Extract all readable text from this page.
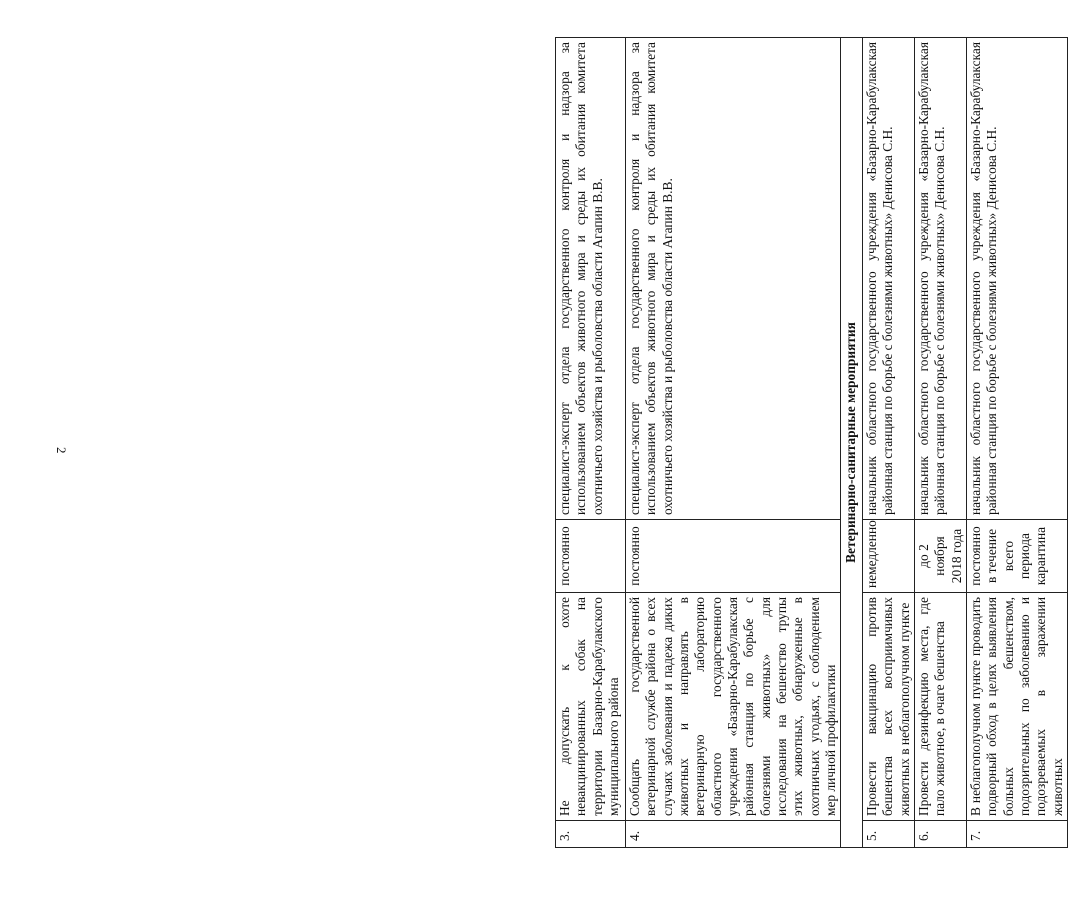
2
3.	Не допускать к охоте невакцинированных собак на территории Базарно-Карабулакского муниципального района	постоянно	специалист-эксперт отдела государственного контроля и надзора за использованием объектов животного мира и среды их обитания комитета охотничьего хозяйства и рыболовства области Агапин В.В.
4.	Сообщать государственной ветеринарной службе района о всех случаях заболевания и падежа диких животных и направлять в ветеринарную лабораторию областного государственного учреждения «Базарно-Карабулакская районная станция по борьбе с болезнями животных» для исследования на бешенство трупы этих животных, обнаруженные в охотничьих угодьях, с соблюдением мер личной профилактики	постоянно	специалист-эксперт отдела государственного контроля и надзора за использованием объектов животного мира и среды их обитания комитета охотничьего хозяйства и рыболовства области Агапин В.В.
Ветеринарно-санитарные мероприятия			
5.	Провести вакцинацию против бешенства всех восприимчивых животных в неблагополучном пункте	немедленно	начальник областного государственного учреждения «Базарно-Карабулакская районная станция по борьбе с болезнями животных» Денисова С.Н.
6.	Провести дезинфекцию места, где пало животное, в очаге бешенства	до 2 ноября 2018 года	начальник областного государственного учреждения «Базарно-Карабулакская районная станция по борьбе с болезнями животных» Денисова С.Н.
7.	В неблагополучном пункте проводить подворный обход в целях выявления больных бешенством, подозрительных по заболеванию и подозреваемых в заражении животных	постоянно в течение всего периода карантина	начальник областного государственного учреждения «Базарно-Карабулакская районная станция по борьбе с болезнями животных» Денисова С.Н.
